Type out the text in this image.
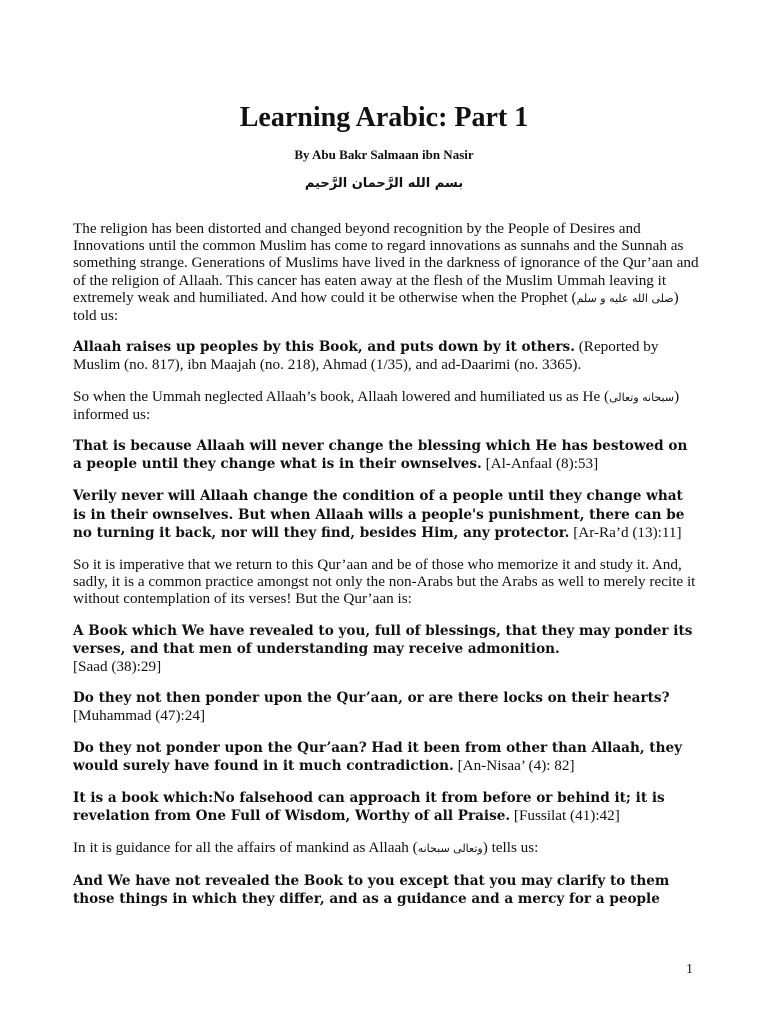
Learning Arabic: Part 1
By Abu Bakr Salmaan ibn Nasir
بسم الله الرَّحمان الرَّحيم

The religion has been distorted and changed beyond recognition by the People of Desires and Innovations until the common Muslim has come to regard innovations as sunnahs and the Sunnah as something strange. Generations of Muslims have lived in the darkness of ignorance of the Qur’aan and of the religion of Allaah. This cancer has eaten away at the flesh of the Muslim Ummah leaving it extremely weak and humiliated. And how could it be otherwise when the Prophet (صلى الله عليه و سلم) told us:

Allaah raises up peoples by this Book, and puts down by it others. (Reported by Muslim (no. 817), ibn Maajah (no. 218), Ahmad (1/35), and ad-Daarimi (no. 3365).

So when the Ummah neglected Allaah’s book, Allaah lowered and humiliated us as He (سبحانه وتعالى) informed us:

That is because Allaah will never change the blessing which He has bestowed on a people until they change what is in their ownselves. [Al-Anfaal (8):53]

Verily never will Allaah change the condition of a people until they change what is in their ownselves. But when Allaah wills a people's punishment, there can be no turning it back, nor will they find, besides Him, any protector. [Ar-Ra’d (13):11]

So it is imperative that we return to this Qur’aan and be of those who memorize it and study it. And, sadly, it is a common practice amongst not only the non-Arabs but the Arabs as well to merely recite it without contemplation of its verses! But the Qur’aan is:

A Book which We have revealed to you, full of blessings, that they may ponder its verses, and that men of understanding may receive admonition.
[Saad (38):29]

Do they not then ponder upon the Qur’aan, or are there locks on their hearts?
[Muhammad (47):24]

Do they not ponder upon the Qur’aan? Had it been from other than Allaah, they would surely have found in it much contradiction. [An-Nisaa’ (4): 82]

It is a book which:No falsehood can approach it from before or behind it; it is revelation from One Full of Wisdom, Worthy of all Praise. [Fussilat (41):42]

In it is guidance for all the affairs of mankind as Allaah (وتعالى سبحانه) tells us:

And We have not revealed the Book to you except that you may clarify to them those things in which they differ, and as a guidance and a mercy for a people

1
